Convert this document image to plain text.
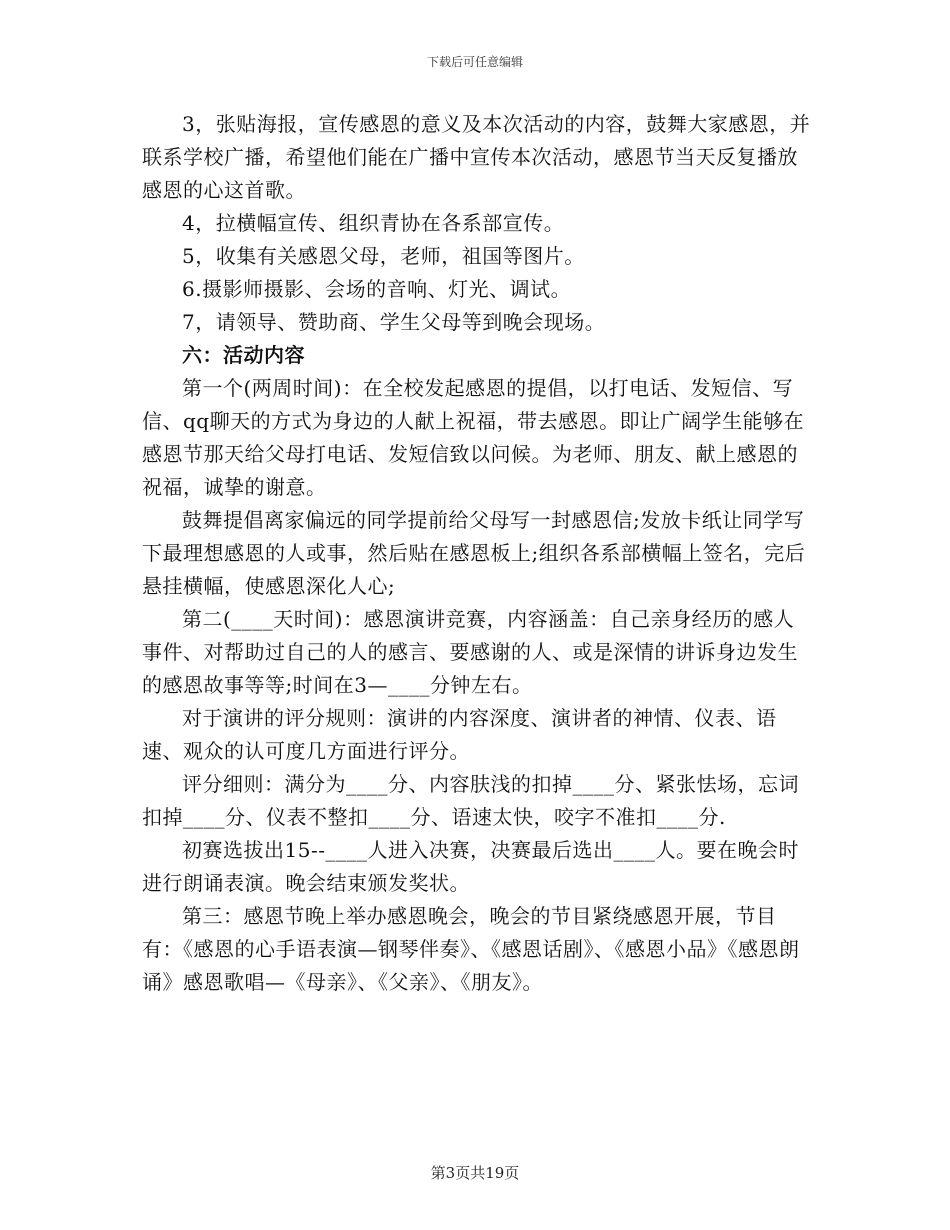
下载后可任意编辑

3，张贴海报，宣传感恩的意义及本次活动的内容，鼓舞大家感恩，并联系学校广播，希望他们能在广播中宣传本次活动，感恩节当天反复播放感恩的心这首歌。

4，拉横幅宣传、组织青协在各系部宣传。

5，收集有关感恩父母，老师，祖国等图片。

6.摄影师摄影、会场的音响、灯光、调试。

7，请领导、赞助商、学生父母等到晚会现场。

六：活动内容

第一个(两周时间)：在全校发起感恩的提倡，以打电话、发短信、写信、qq聊天的方式为身边的人献上祝福，带去感恩。即让广阔学生能够在感恩节那天给父母打电话、发短信致以问候。为老师、朋友、献上感恩的祝福，诚挚的谢意。

鼓舞提倡离家偏远的同学提前给父母写一封感恩信;发放卡纸让同学写下最理想感恩的人或事，然后贴在感恩板上;组织各系部横幅上签名，完后悬挂横幅，使感恩深化人心;

第二(____天时间)：感恩演讲竞赛，内容涵盖：自己亲身经历的感人事件、对帮助过自己的人的感言、要感谢的人、或是深情的讲诉身边发生的感恩故事等等;时间在3—____分钟左右。

对于演讲的评分规则：演讲的内容深度、演讲者的神情、仪表、语速、观众的认可度几方面进行评分。

评分细则：满分为____分、内容肤浅的扣掉____分、紧张怯场，忘词扣掉____分、仪表不整扣____分、语速太快，咬字不准扣____分.

初赛选拔出15--____人进入决赛，决赛最后选出____人。要在晚会时进行朗诵表演。晚会结束颁发奖状。

第三：感恩节晚上举办感恩晚会，晚会的节目紧绕感恩开展，节目有：《感恩的心手语表演—钢琴伴奏》、《感恩话剧》、《感恩小品》《感恩朗诵》感恩歌唱—《母亲》、《父亲》、《朋友》。

第3页共19页
